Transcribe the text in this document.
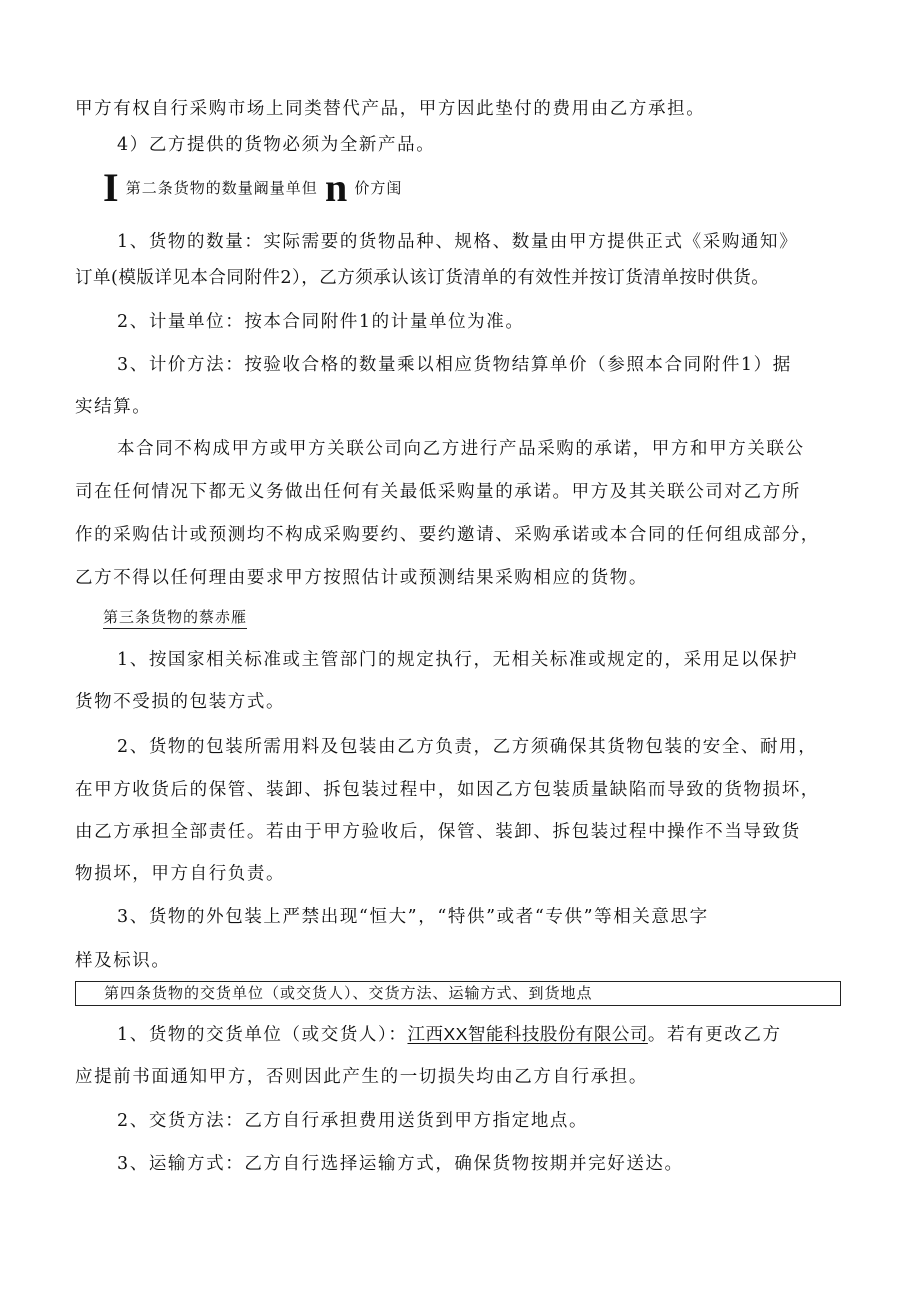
甲方有权自行采购市场上同类替代产品，甲方因此垫付的费用由乙方承担。
4）乙方提供的货物必须为全新产品。
I 第二条货物的数量阚量单但 n 价方闺
1、货物的数量：实际需要的货物品种、规格、数量由甲方提供正式《采购通知》
订单(模版详见本合同附件2），乙方须承认该订货清单的有效性并按订货清单按时供货。
2、计量单位：按本合同附件1的计量单位为准。
3、计价方法：按验收合格的数量乘以相应货物结算单价（参照本合同附件1）据
实结算。
本合同不构成甲方或甲方关联公司向乙方进行产品采购的承诺，甲方和甲方关联公
司在任何情况下都无义务做出任何有关最低采购量的承诺。甲方及其关联公司对乙方所
作的采购估计或预测均不构成采购要约、要约邀请、采购承诺或本合同的任何组成部分，
乙方不得以任何理由要求甲方按照估计或预测结果采购相应的货物。
第三条货物的蔡赤雁
1、按国家相关标准或主管部门的规定执行，无相关标准或规定的，采用足以保护
货物不受损的包装方式。
2、货物的包装所需用料及包装由乙方负责，乙方须确保其货物包装的安全、耐用，
在甲方收货后的保管、装卸、拆包装过程中，如因乙方包装质量缺陷而导致的货物损坏，
由乙方承担全部责任。若由于甲方验收后，保管、装卸、拆包装过程中操作不当导致货
物损坏，甲方自行负责。
3、货物的外包装上严禁出现“恒大”，“特供”或者“专供”等相关意思字
样及标识。
第四条货物的交货单位（或交货人）、交货方法、运输方式、到货地点
1、货物的交货单位（或交货人）：江西XX智能科技股份有限公司。若有更改乙方
应提前书面通知甲方，否则因此产生的一切损失均由乙方自行承担。
2、交货方法：乙方自行承担费用送货到甲方指定地点。
3、运输方式：乙方自行选择运输方式，确保货物按期并完好送达。
